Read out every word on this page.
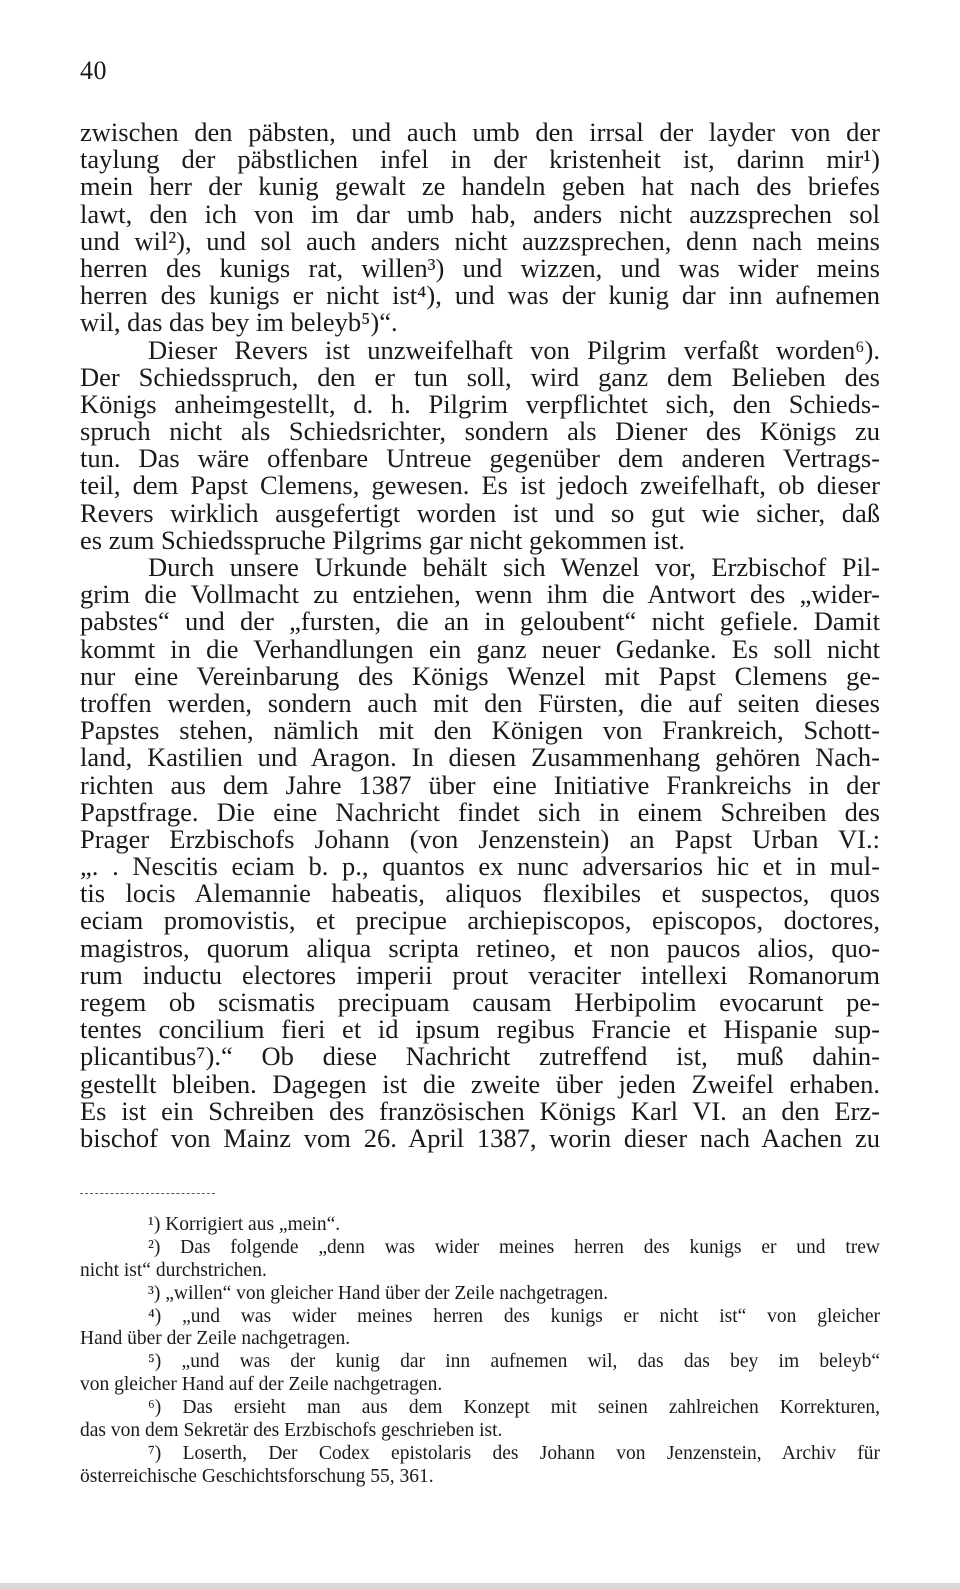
40
zwischen den päbsten, und auch umb den irrsal der layder von der
taylung der päbstlichen infel in der kristenheit ist, darinn mir¹)
mein herr der kunig gewalt ze handeln geben hat nach des briefes
lawt, den ich von im dar umb hab, anders nicht auzzsprechen sol
und wil²), und sol auch anders nicht auzzsprechen, denn nach meins
herren des kunigs rat, willen³) und wizzen, und was wider meins
herren des kunigs er nicht ist⁴), und was der kunig dar inn aufnemen
wil, das das bey im beleyb⁵)“.
Dieser Revers ist unzweifelhaft von Pilgrim verfaßt worden⁶).
Der Schiedsspruch, den er tun soll, wird ganz dem Belieben des
Königs anheimgestellt, d. h. Pilgrim verpflichtet sich, den Schieds-
spruch nicht als Schiedsrichter, sondern als Diener des Königs zu
tun. Das wäre offenbare Untreue gegenüber dem anderen Vertrags-
teil, dem Papst Clemens, gewesen. Es ist jedoch zweifelhaft, ob dieser
Revers wirklich ausgefertigt worden ist und so gut wie sicher, daß
es zum Schiedsspruche Pilgrims gar nicht gekommen ist.
Durch unsere Urkunde behält sich Wenzel vor, Erzbischof Pil-
grim die Vollmacht zu entziehen, wenn ihm die Antwort des „wider-
pabstes“ und der „fursten, die an in geloubent“ nicht gefiele. Damit
kommt in die Verhandlungen ein ganz neuer Gedanke. Es soll nicht
nur eine Vereinbarung des Königs Wenzel mit Papst Clemens ge-
troffen werden, sondern auch mit den Fürsten, die auf seiten dieses
Papstes stehen, nämlich mit den Königen von Frankreich, Schott-
land, Kastilien und Aragon. In diesen Zusammenhang gehören Nach-
richten aus dem Jahre 1387 über eine Initiative Frankreichs in der
Papstfrage. Die eine Nachricht findet sich in einem Schreiben des
Prager Erzbischofs Johann (von Jenzenstein) an Papst Urban VI.:
„. . Nescitis eciam b. p., quantos ex nunc adversarios hic et in mul-
tis locis Alemannie habeatis, aliquos flexibiles et suspectos, quos
eciam promovistis, et precipue archiepiscopos, episcopos, doctores,
magistros, quorum aliqua scripta retineo, et non paucos alios, quo-
rum inductu electores imperii prout veraciter intellexi Romanorum
regem ob scismatis precipuam causam Herbipolim evocarunt pe-
tentes concilium fieri et id ipsum regibus Francie et Hispanie sup-
plicantibus⁷).“ Ob diese Nachricht zutreffend ist, muß dahin-
gestellt bleiben. Dagegen ist die zweite über jeden Zweifel erhaben.
Es ist ein Schreiben des französischen Königs Karl VI. an den Erz-
bischof von Mainz vom 26. April 1387, worin dieser nach Aachen zu
¹) Korrigiert aus „mein“.
²) Das folgende „denn was wider meines herren des kunigs er und trew
nicht ist“ durchstrichen.
³) „willen“ von gleicher Hand über der Zeile nachgetragen.
⁴) „und was wider meines herren des kunigs er nicht ist“ von gleicher
Hand über der Zeile nachgetragen.
⁵) „und was der kunig dar inn aufnemen wil, das das bey im beleyb“
von gleicher Hand auf der Zeile nachgetragen.
⁶) Das ersieht man aus dem Konzept mit seinen zahlreichen Korrekturen,
das von dem Sekretär des Erzbischofs geschrieben ist.
⁷) Loserth, Der Codex epistolaris des Johann von Jenzenstein, Archiv für
österreichische Geschichtsforschung 55, 361.
